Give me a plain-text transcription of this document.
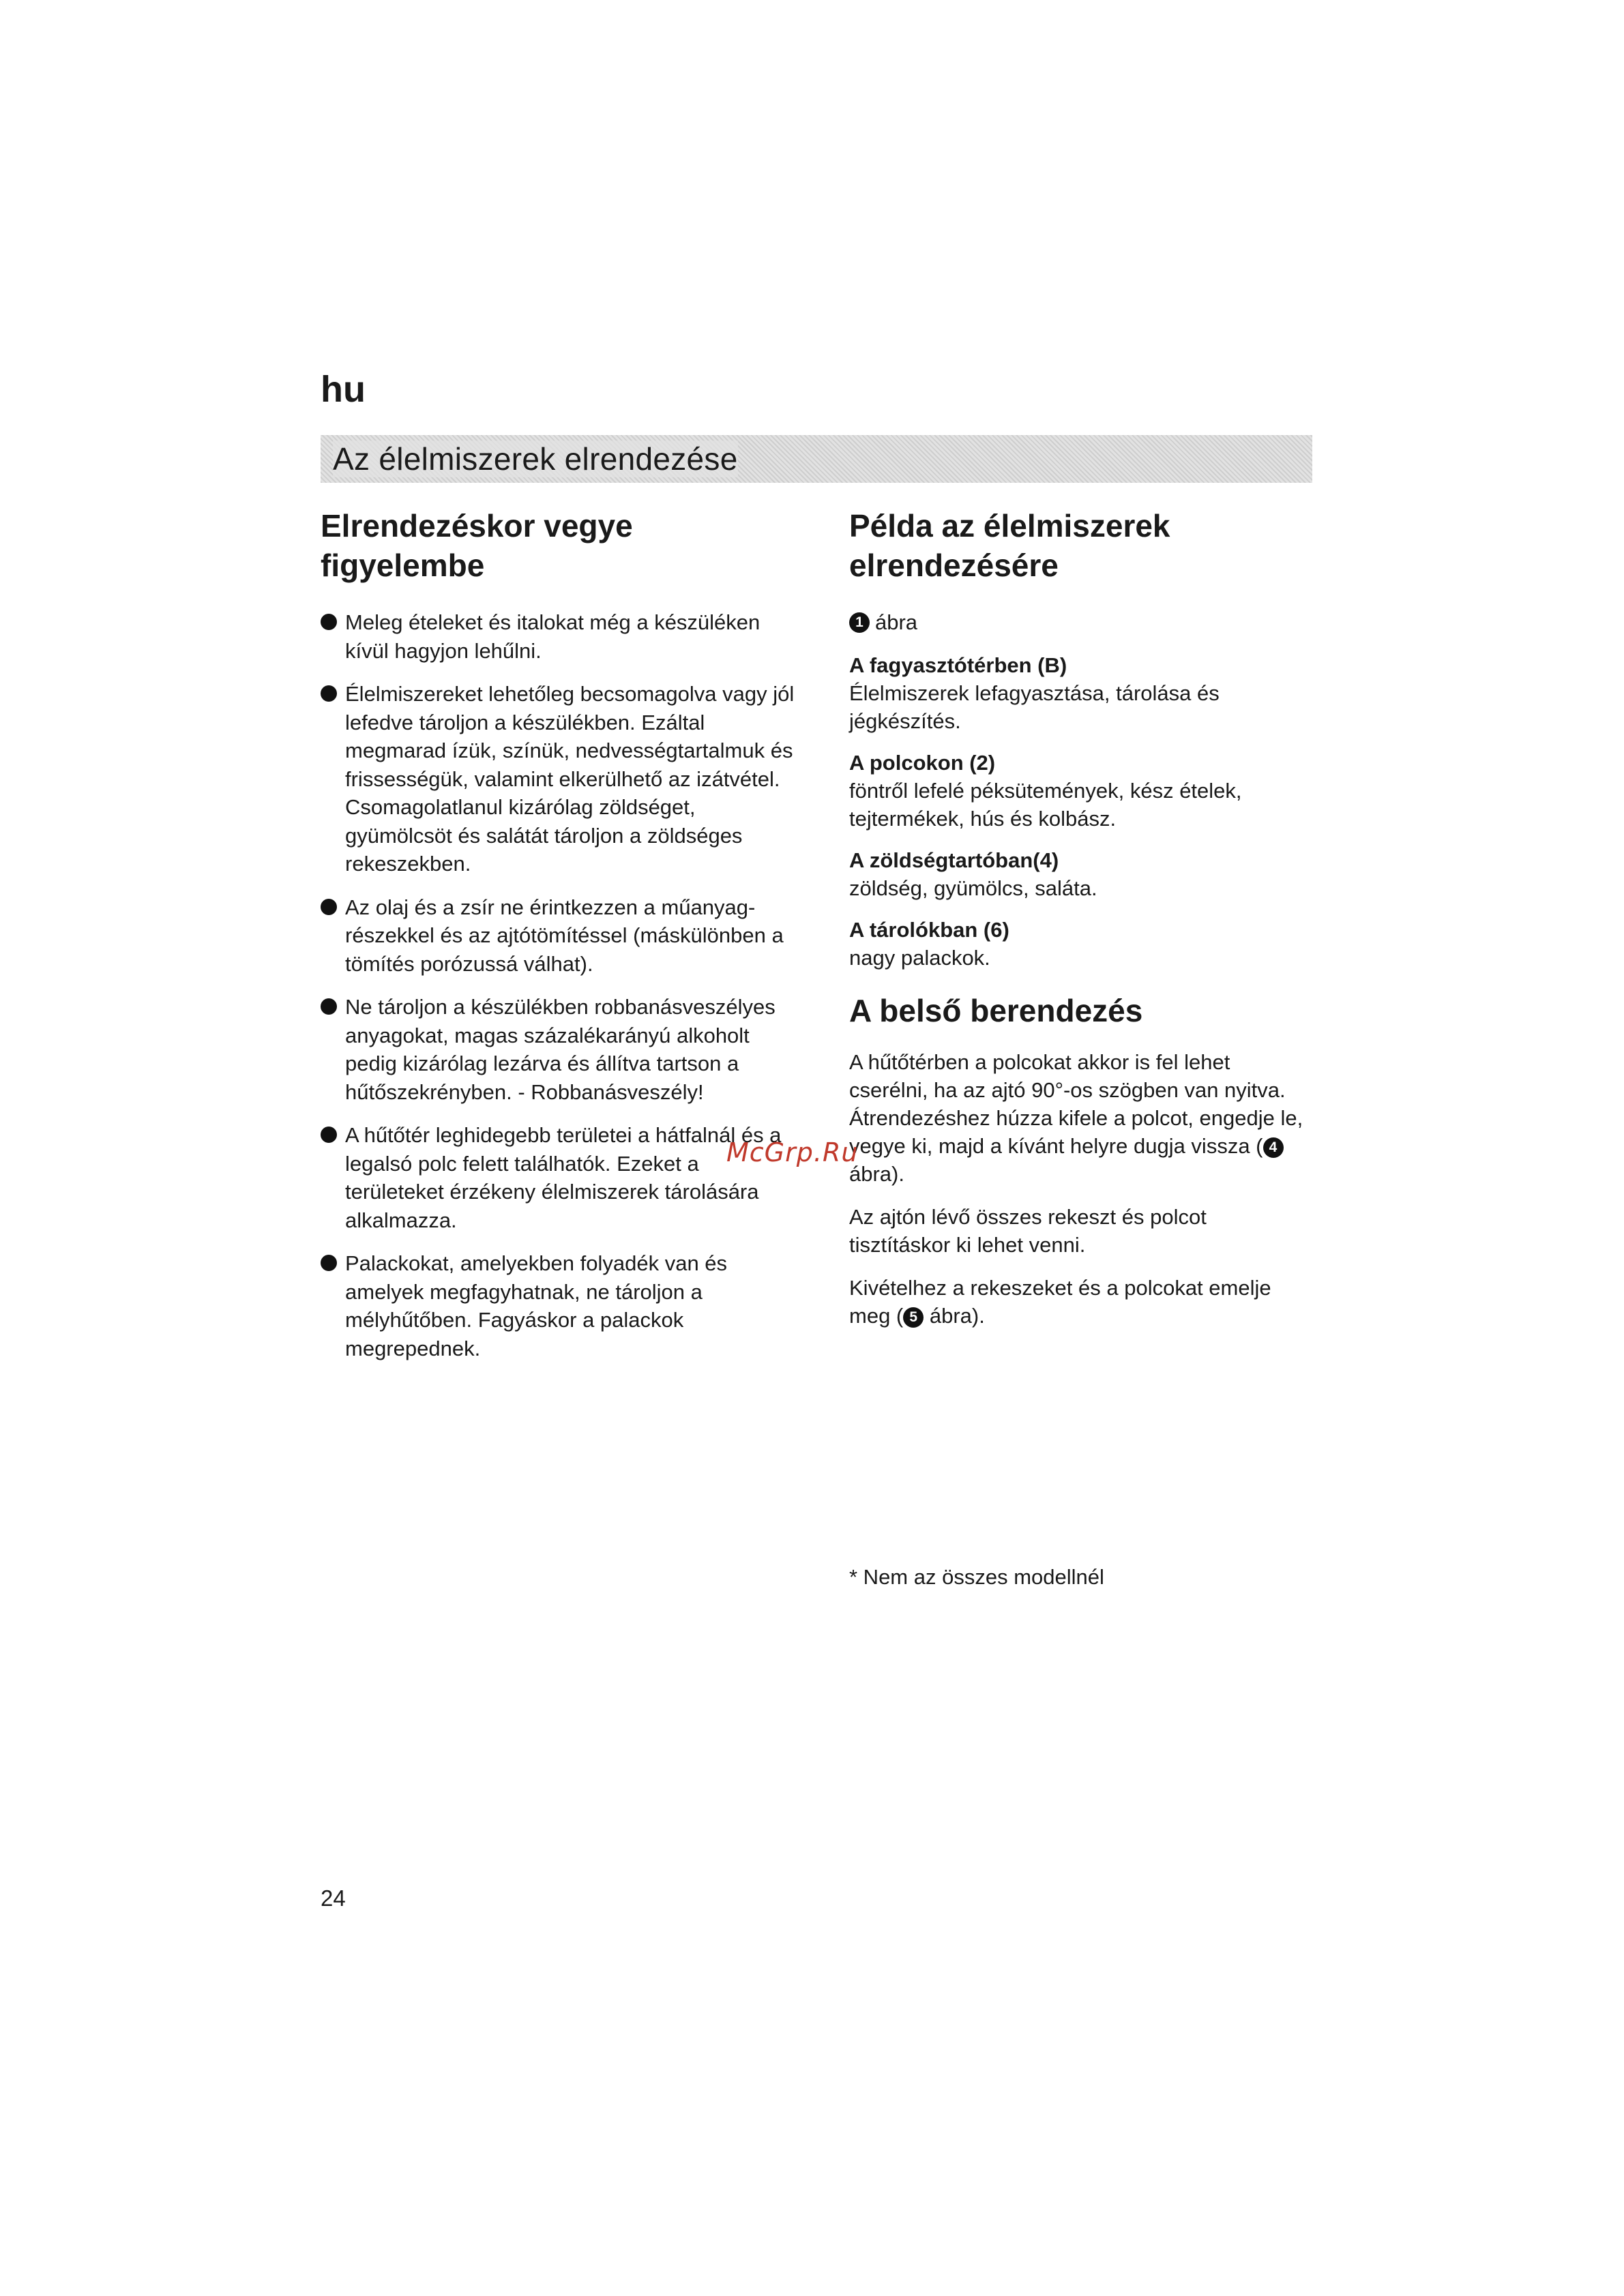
hu

Az élelmiszerek elrendezése
Elrendezéskor vegye figyelembe
Meleg ételeket és italokat még a készüléken kívül hagyjon lehűlni.
Élelmiszereket lehetőleg becsomagolva vagy jól lefedve tároljon a készülékben. Ezáltal megmarad ízük, színük, nedvességtartalmuk és frissességük, valamint elkerülhető az izátvétel. Csomagolatlanul kizárólag zöldséget, gyümölcsöt és salátát tároljon a zöldséges rekeszekben.
Az olaj és a zsír ne érintkezzen a műanyag-részekkel és az ajtótömítéssel (máskülönben a tömítés porózussá válhat).
Ne tároljon a készülékben robbanásveszélyes anyagokat, magas százalékarányú alkoholt pedig kizárólag lezárva és állítva tartson a hűtőszekrényben. - Robbanásveszély!
A hűtőtér leghidegebb területei a hátfalnál és a legalsó polc felett találhatók. Ezeket a területeket érzékeny élelmiszerek tárolására alkalmazza.
Palackokat, amelyekben folyadék van és amelyek megfagyhatnak, ne tároljon a mélyhűtőben. Fagyáskor a palackok megrepednek.
Példa az élelmiszerek elrendezésére

1 ábra

A fagyasztótérben (B)

Élelmiszerek lefagyasztása, tárolása és jégkészítés.

A polcokon (2)

föntről lefelé péksütemények, kész ételek, tejtermékek, hús és kolbász.

A zöldségtartóban(4)

zöldség, gyümölcs, saláta.

A tárolókban (6)

nagy palackok.

A belső berendezés

A hűtőtérben a polcokat akkor is fel lehet cserélni, ha az ajtó 90°-os szögben van nyitva. Átrendezéshez húzza kifele a polcot, engedje le, vegye ki, majd a kívánt helyre dugja vissza ( 4 ábra).

Az ajtón lévő összes rekeszt és polcot tisztításkor ki lehet venni.

Kivételhez a rekeszeket és a polcokat emelje meg ( 5 ábra).

McGrp.Ru

* Nem az összes modellnél

24
